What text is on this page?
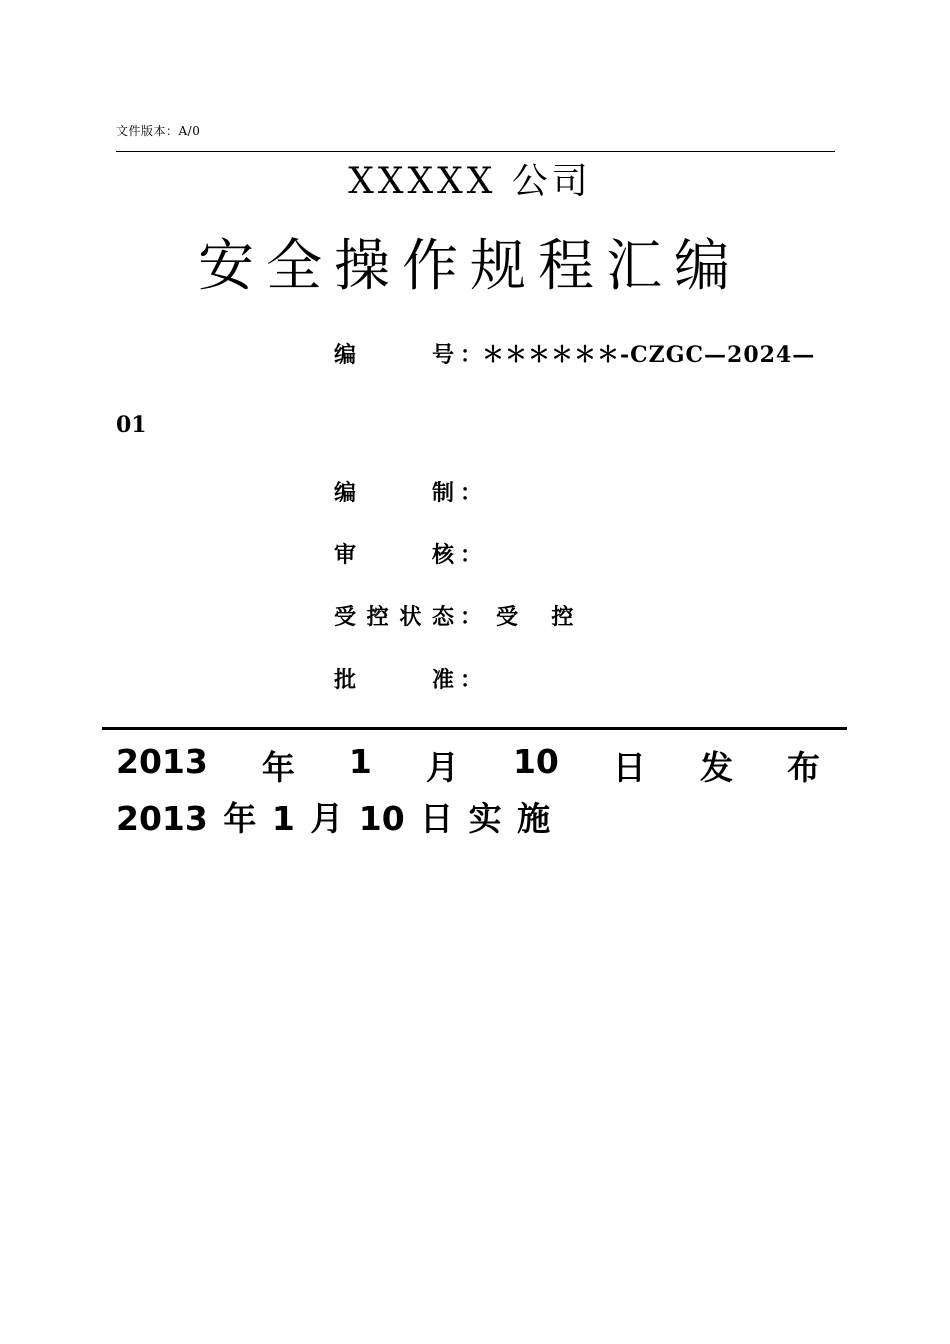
文件版本：A/0
XXXXX 公司
安全操作规程汇编
编号 ：＊＊＊＊＊＊-CZGC—2024—
01
编制 ：
审核 ：
受控状态 ： 受  控
批准 ：
2013 年 1 月 10 日 发 布
2013 年 1 月 10 日 实 施
